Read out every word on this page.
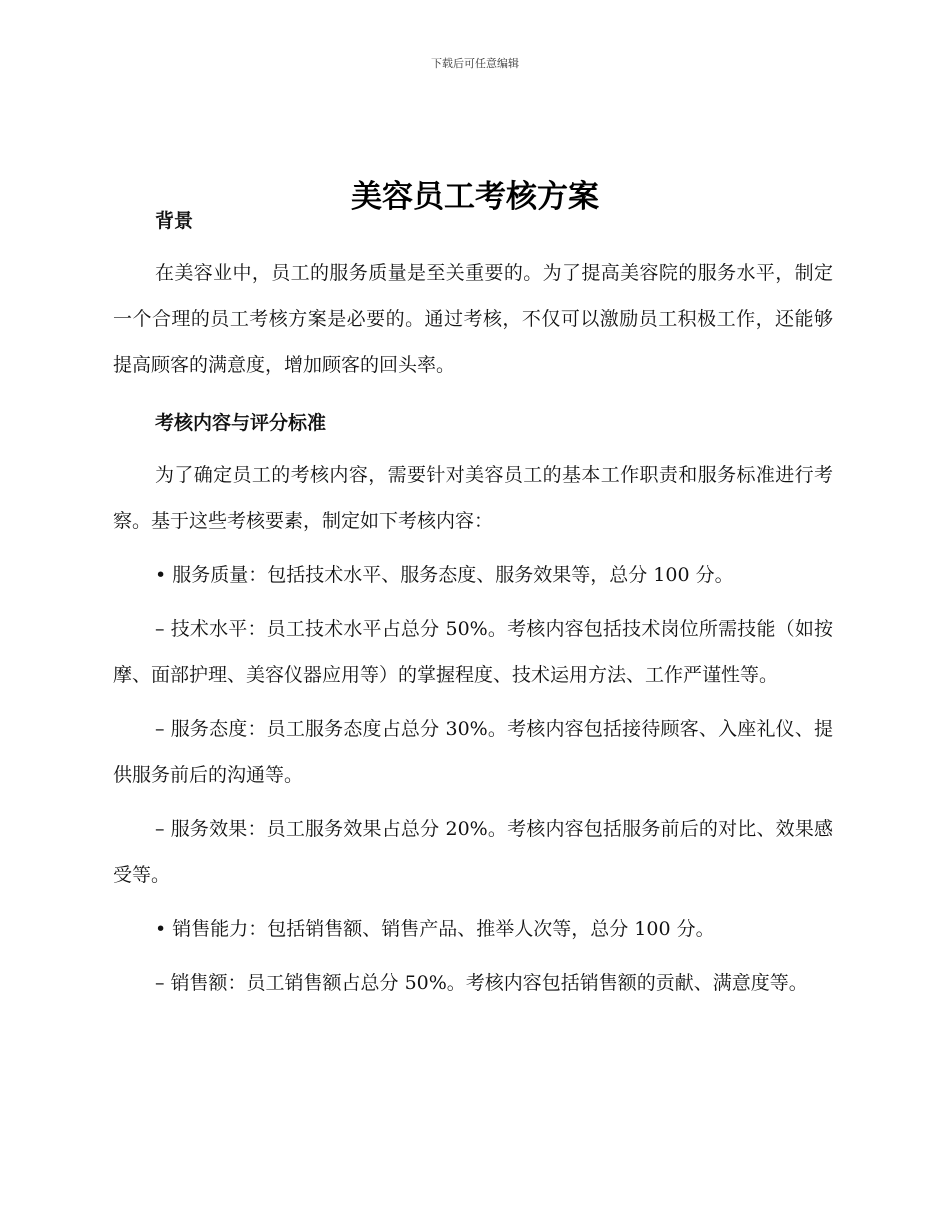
下载后可任意编辑
美容员工考核方案
背景

在美容业中，员工的服务质量是至关重要的。为了提高美容院的服务水平，制定一个合理的员工考核方案是必要的。通过考核，不仅可以激励员工积极工作，还能够提高顾客的满意度，增加顾客的回头率。

考核内容与评分标准

为了确定员工的考核内容，需要针对美容员工的基本工作职责和服务标准进行考察。基于这些考核要素，制定如下考核内容：

• 服务质量：包括技术水平、服务态度、服务效果等，总分 100 分。

– 技术水平：员工技术水平占总分 50%。考核内容包括技术岗位所需技能（如按摩、面部护理、美容仪器应用等）的掌握程度、技术运用方法、工作严谨性等。

– 服务态度：员工服务态度占总分 30%。考核内容包括接待顾客、入座礼仪、提供服务前后的沟通等。

– 服务效果：员工服务效果占总分 20%。考核内容包括服务前后的对比、效果感受等。

• 销售能力：包括销售额、销售产品、推举人次等，总分 100 分。

– 销售额：员工销售额占总分 50%。考核内容包括销售额的贡献、满意度等。
